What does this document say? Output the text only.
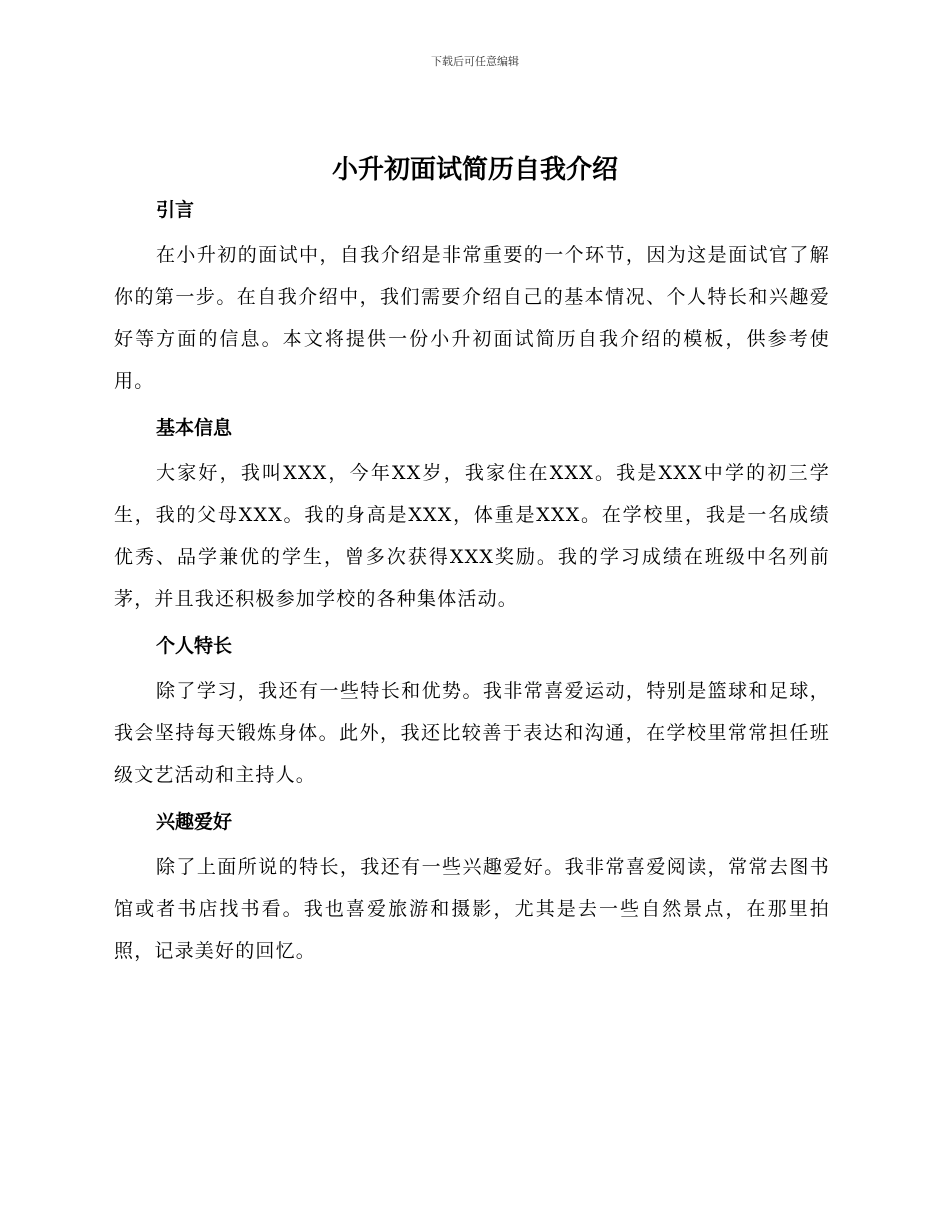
下载后可任意编辑
小升初面试简历自我介绍
引言

在小升初的面试中，自我介绍是非常重要的一个环节，因为这是面试官了解你的第一步。在自我介绍中，我们需要介绍自己的基本情况、个人特长和兴趣爱好等方面的信息。本文将提供一份小升初面试简历自我介绍的模板，供参考使用。

基本信息

大家好，我叫XXX，今年XX岁，我家住在XXX。我是XXX中学的初三学生，我的父母XXX。我的身高是XXX，体重是XXX。在学校里，我是一名成绩优秀、品学兼优的学生，曾多次获得XXX奖励。我的学习成绩在班级中名列前茅，并且我还积极参加学校的各种集体活动。

个人特长

除了学习，我还有一些特长和优势。我非常喜爱运动，特别是篮球和足球，我会坚持每天锻炼身体。此外，我还比较善于表达和沟通，在学校里常常担任班级文艺活动和主持人。

兴趣爱好

除了上面所说的特长，我还有一些兴趣爱好。我非常喜爱阅读，常常去图书馆或者书店找书看。我也喜爱旅游和摄影，尤其是去一些自然景点，在那里拍照，记录美好的回忆。
